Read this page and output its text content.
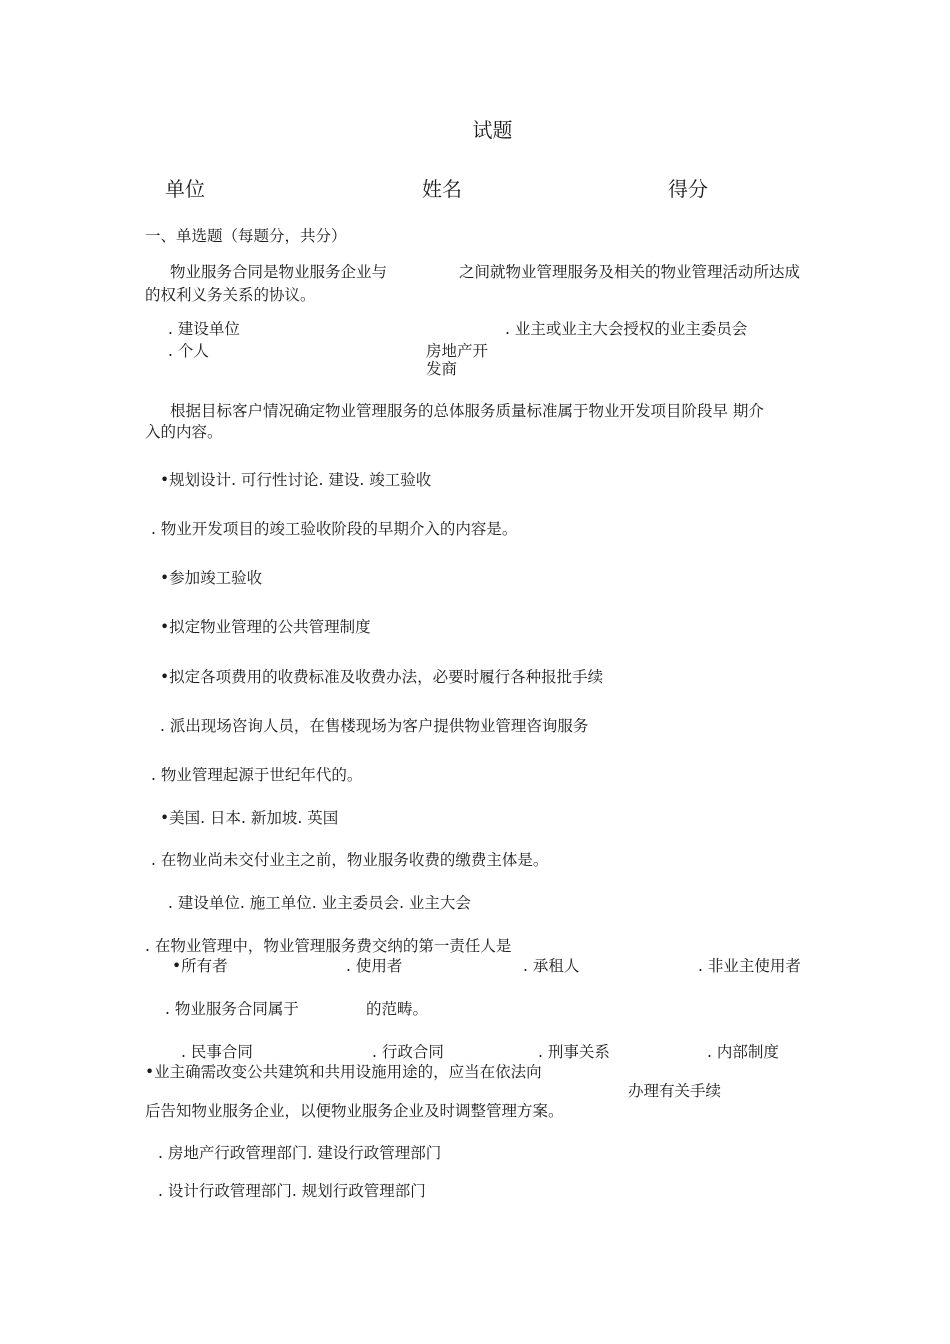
试题
单位	姓名	得分
一、单选题（每题分，共分）
物业服务合同是物业服务企业与	之间就物业管理服务及相关的物业管理活动所达成
的权利义务关系的协议。
. 建设单位	. 业主或业主大会授权的业主委员会
. 个人	房地产开
发商
根据目标客户情况确定物业管理服务的总体服务质量标准属于物业开发项目阶段早 期介
入的内容。
•规划设计. 可行性讨论. 建设. 竣工验收
. 物业开发项目的竣工验收阶段的早期介入的内容是。
•参加竣工验收
•拟定物业管理的公共管理制度
•拟定各项费用的收费标准及收费办法，必要时履行各种报批手续
. 派出现场咨询人员，在售楼现场为客户提供物业管理咨询服务
. 物业管理起源于世纪年代的。
•美国. 日本. 新加坡. 英国
. 在物业尚未交付业主之前，物业服务收费的缴费主体是。
. 建设单位. 施工单位. 业主委员会. 业主大会
. 在物业管理中，物业管理服务费交纳的第一责任人是
•所有者	. 使用者	. 承租人	. 非业主使用者
. 物业服务合同属于	的范畴。
. 民事合同	. 行政合同	. 刑事关系	. 内部制度
•业主确需改变公共建筑和共用设施用途的，应当在依法向
办理有关手续
后告知物业服务企业，以便物业服务企业及时调整管理方案。
. 房地产行政管理部门. 建设行政管理部门
. 设计行政管理部门. 规划行政管理部门
